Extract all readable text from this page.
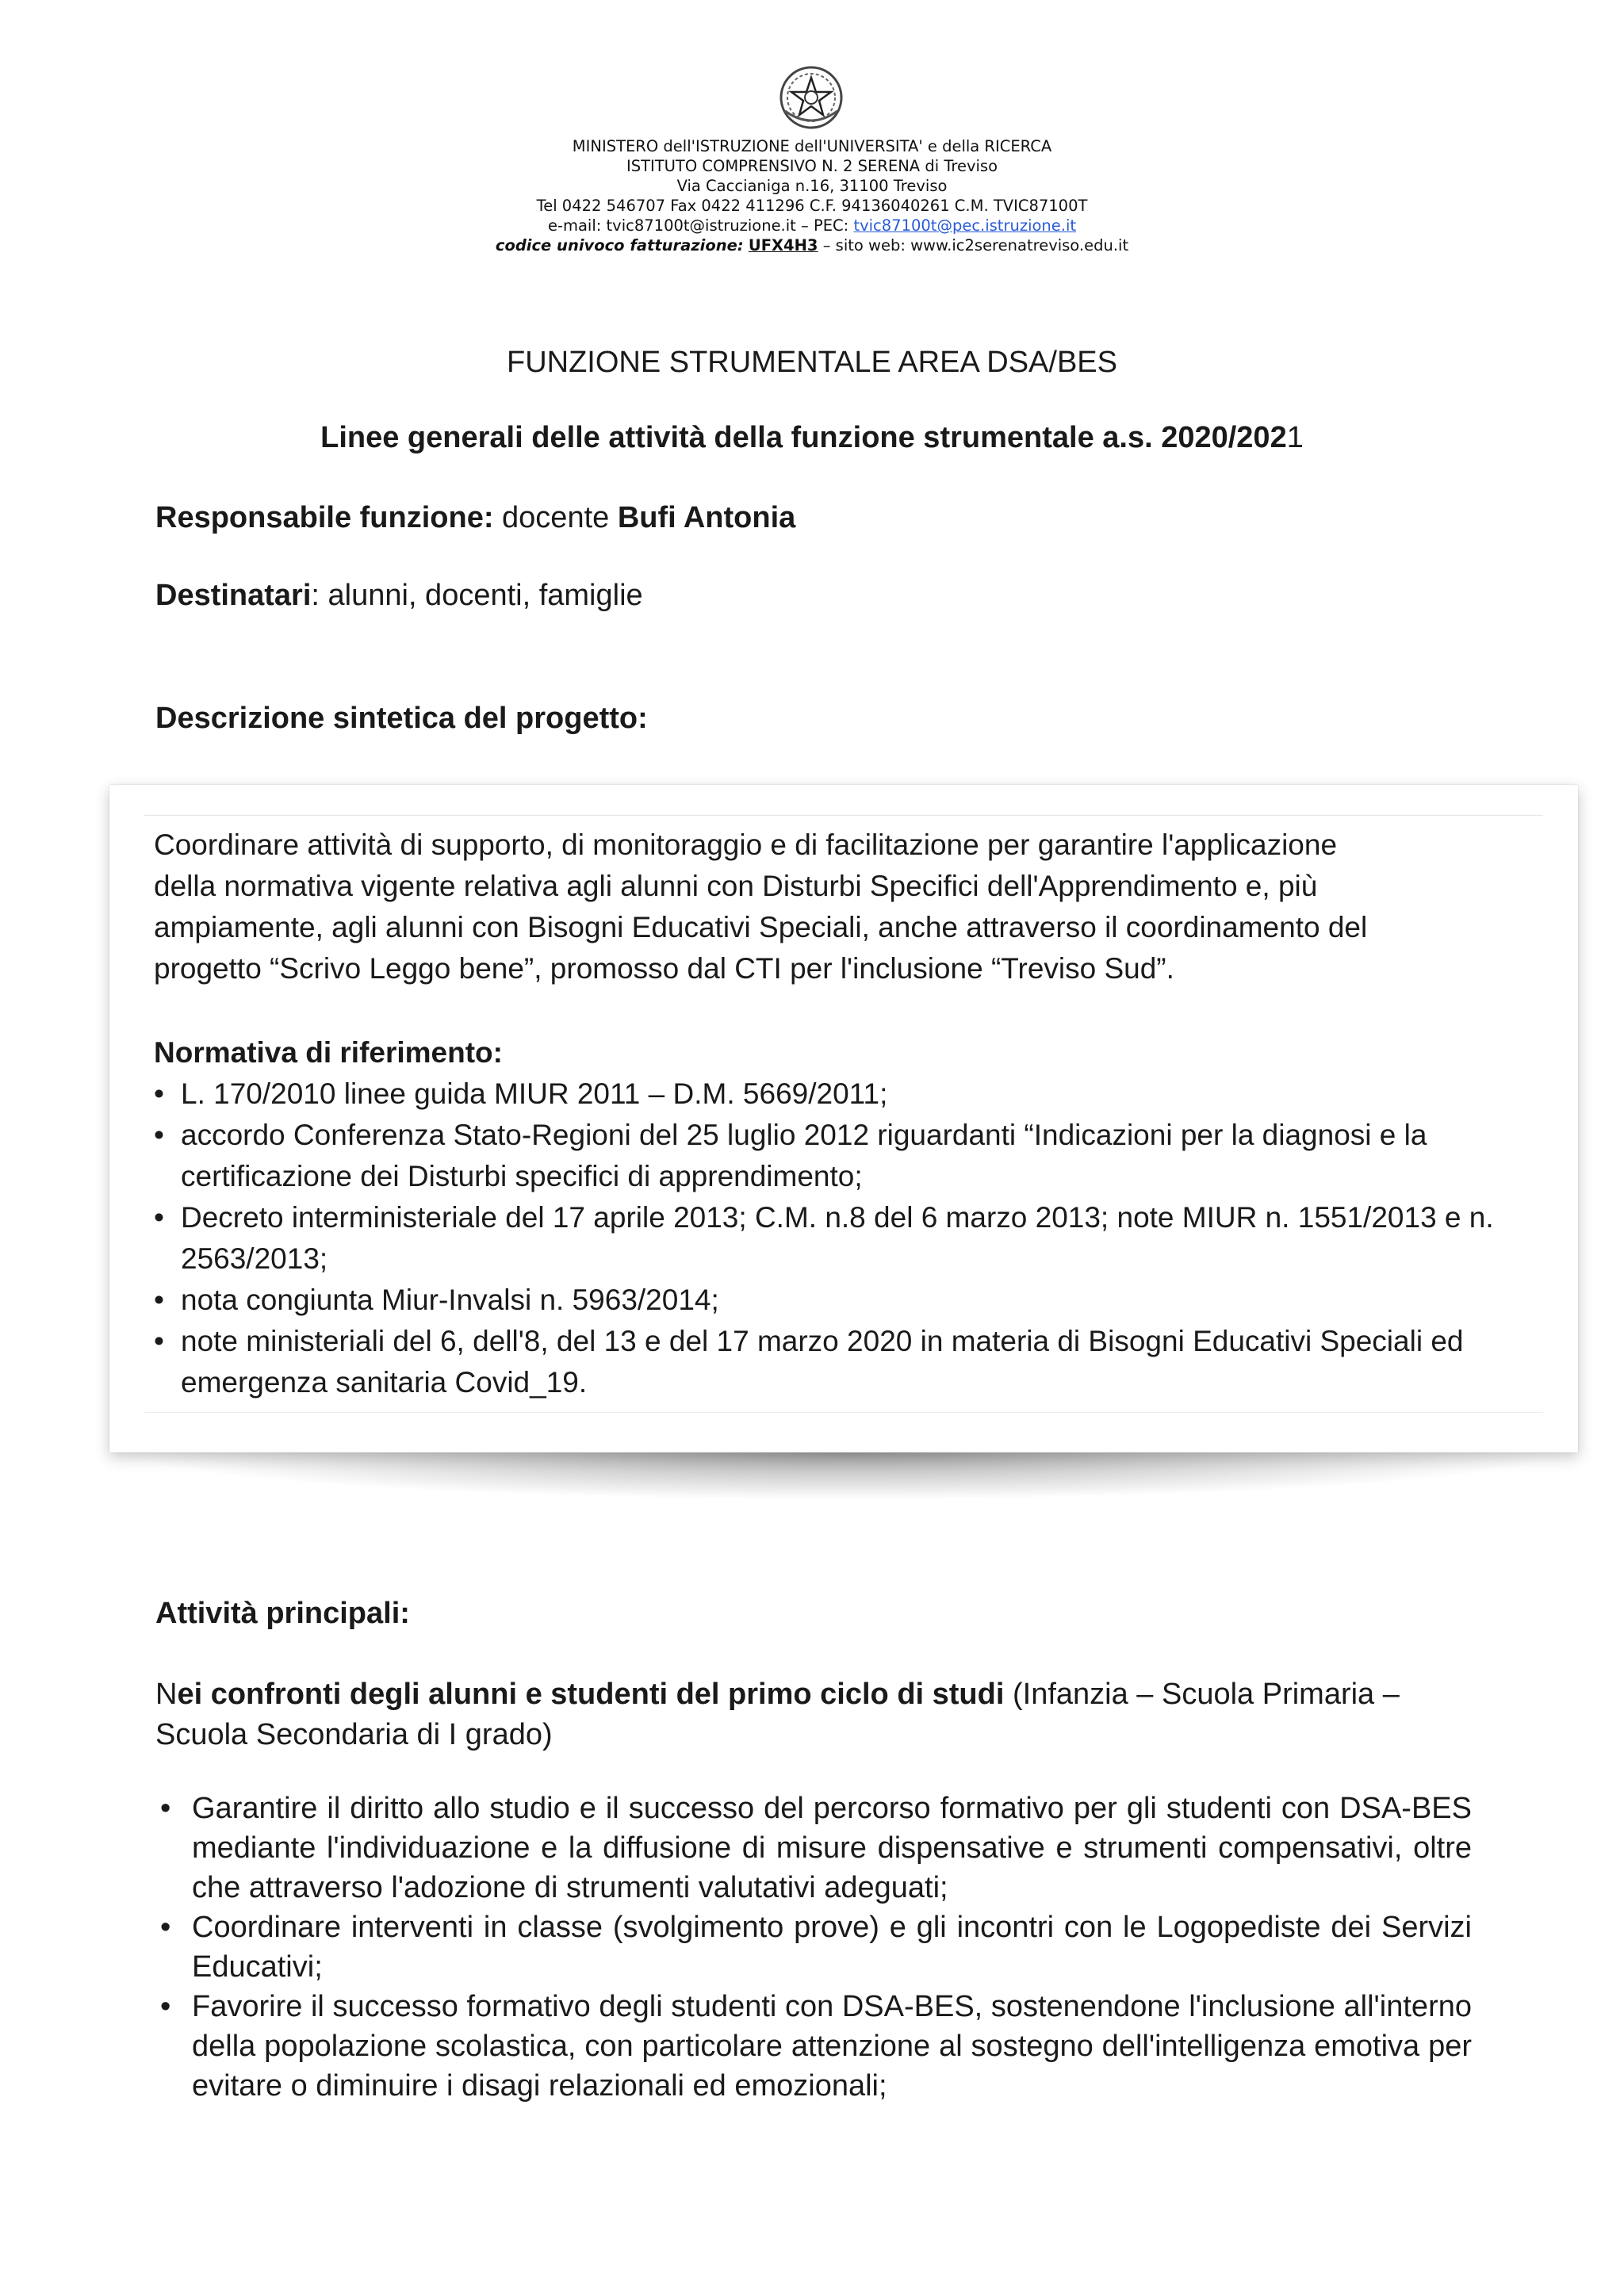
MINISTERO dell'ISTRUZIONE dell'UNIVERSITA' e della RICERCA
ISTITUTO COMPRENSIVO N. 2 SERENA di Treviso
Via Caccianiga n.16, 31100 Treviso
Tel 0422 546707 Fax 0422 411296 C.F. 94136040261 C.M. TVIC87100T
e-mail: tvic87100t@istruzione.it – PEC: tvic87100t@pec.istruzione.it
codice univoco fatturazione: UFX4H3 – sito web: www.ic2serenatreviso.edu.it
FUNZIONE STRUMENTALE AREA DSA/BES
Linee generali delle attività della funzione strumentale a.s. 2020/2021
Responsabile funzione: docente Bufi Antonia
Destinatari: alunni, docenti, famiglie
Descrizione sintetica del progetto:

Coordinare attività di supporto, di monitoraggio e di facilitazione per garantire l'applicazione

della normativa vigente relativa agli alunni con Disturbi Specifici dell'Apprendimento e, più

ampiamente, agli alunni con Bisogni Educativi Speciali, anche attraverso il coordinamento del

progetto “Scrivo Leggo bene”, promosso dal CTI per l'inclusione “Treviso Sud”.

Normativa di riferimento:
• L. 170/2010 linee guida MIUR 2011 – D.M. 5669/2011;
• accordo Conferenza Stato-Regioni del 25 luglio 2012 riguardanti “Indicazioni per la diagnosi e la certificazione dei Disturbi specifici di apprendimento;
• Decreto interministeriale del 17 aprile 2013; C.M. n.8 del 6 marzo 2013; note MIUR n. 1551/2013 e n. 2563/2013;
• nota congiunta Miur-Invalsi n. 5963/2014;
• note ministeriali del 6, dell'8, del 13 e del 17 marzo 2020 in materia di Bisogni Educativi Speciali ed emergenza sanitaria Covid_19.
Attività principali:
Nei confronti degli alunni e studenti del primo ciclo di studi (Infanzia – Scuola Primaria –Scuola Secondaria di I grado)
• Garantire il diritto allo studio e il successo del percorso formativo per gli studenti con DSA-BES mediante l'individuazione e la diffusione di misure dispensative e strumenti compensativi, oltre che attraverso l'adozione di strumenti valutativi adeguati;
• Coordinare interventi in classe (svolgimento prove) e gli incontri con le Logopediste dei Servizi Educativi;
• Favorire il successo formativo degli studenti con DSA-BES, sostenendone l'inclusione all'interno della popolazione scolastica, con particolare attenzione al sostegno dell'intelligenza emotiva per evitare o diminuire i disagi relazionali ed emozionali;
